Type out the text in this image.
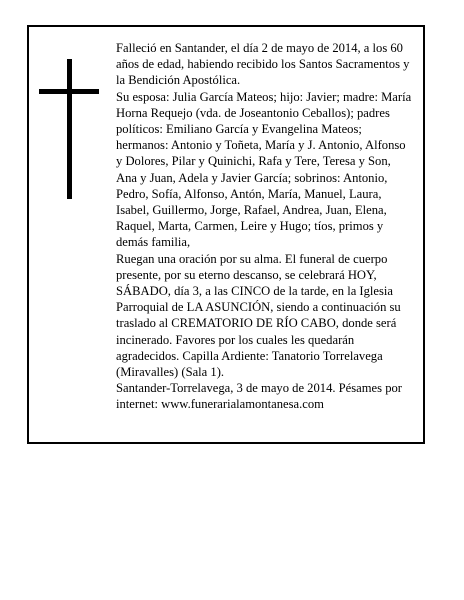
Falleció en Santander, el día 2 de mayo de 2014, a los 60 años de edad, habiendo recibido los Santos Sacramentos y la Bendición Apostólica.

Su esposa: Julia García Mateos; hijo: Javier; madre: María Horna Requejo (vda. de Joseantonio Ceballos); padres políticos: Emiliano García y Evangelina Mateos; hermanos: Antonio y Toñeta, María y J. Antonio, Alfonso y Dolores, Pilar y Quinichi, Rafa y Tere, Teresa y Son, Ana y Juan, Adela y Javier García; sobrinos: Antonio, Pedro, Sofía, Alfonso, Antón, María, Manuel, Laura, Isabel, Guillermo, Jorge, Rafael, Andrea, Juan, Elena, Raquel, Marta, Carmen, Leire y Hugo; tíos, primos y demás familia,

Ruegan una oración por su alma. El funeral de cuerpo presente, por su eterno descanso, se celebrará HOY, SÁBADO, día 3, a las CINCO de la tarde, en la Iglesia Parroquial de LA ASUNCIÓN, siendo a continuación su traslado al CREMATORIO DE RÍO CABO, donde será incinerado. Favores por los cuales les quedarán agradecidos. Capilla Ardiente: Tanatorio Torrelavega (Miravalles) (Sala 1).

Santander-Torrelavega, 3 de mayo de 2014. Pésames por internet: www.funerarialamontanesa.com
